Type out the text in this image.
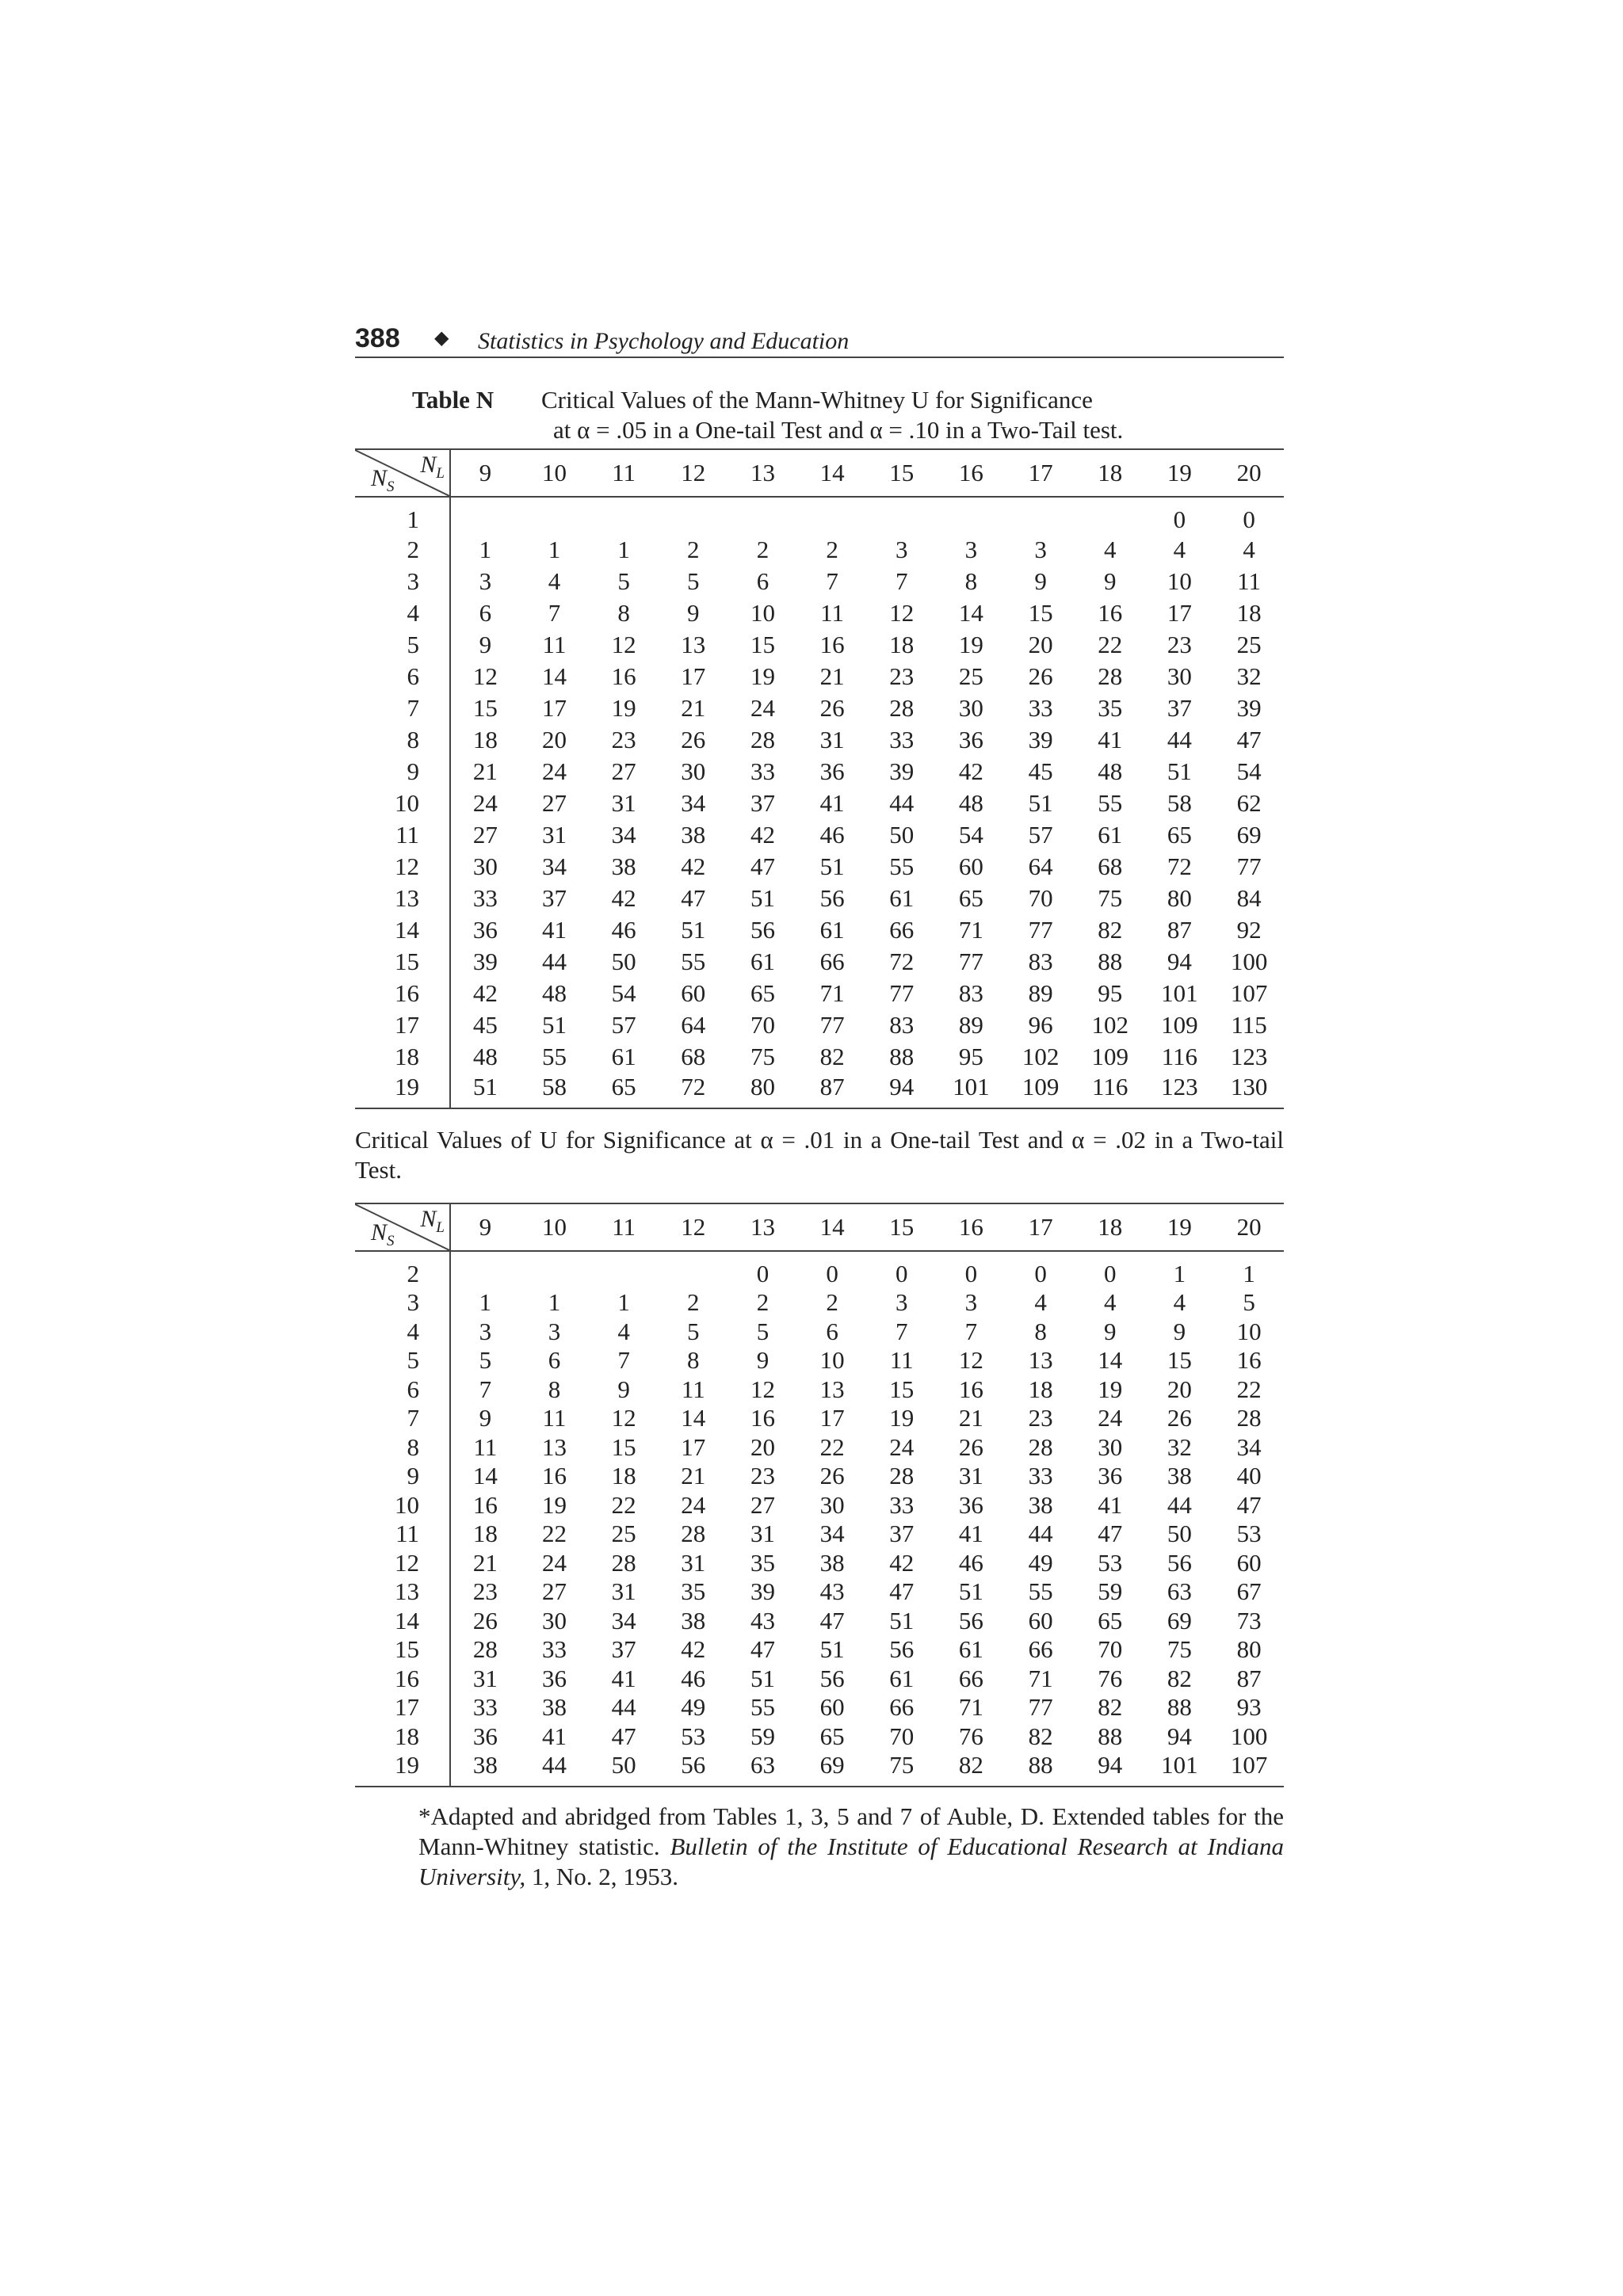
388 ◆ Statistics in Psychology and Education
Table N Critical Values of the Mann-Whitney U for Significance
at α = .05 in a One-tail Test and α = .10 in a Two-Tail test.
$N_L$
$N_S$	9	10	11	12	13	14	15	16	17	18	19	20
1											0	0
2	1	1	1	2	2	2	3	3	3	4	4	4
3	3	4	5	5	6	7	7	8	9	9	10	11
4	6	7	8	9	10	11	12	14	15	16	17	18
5	9	11	12	13	15	16	18	19	20	22	23	25
6	12	14	16	17	19	21	23	25	26	28	30	32
7	15	17	19	21	24	26	28	30	33	35	37	39
8	18	20	23	26	28	31	33	36	39	41	44	47
9	21	24	27	30	33	36	39	42	45	48	51	54
10	24	27	31	34	37	41	44	48	51	55	58	62
11	27	31	34	38	42	46	50	54	57	61	65	69
12	30	34	38	42	47	51	55	60	64	68	72	77
13	33	37	42	47	51	56	61	65	70	75	80	84
14	36	41	46	51	56	61	66	71	77	82	87	92
15	39	44	50	55	61	66	72	77	83	88	94	100
16	42	48	54	60	65	71	77	83	89	95	101	107
17	45	51	57	64	70	77	83	89	96	102	109	115
18	48	55	61	68	75	82	88	95	102	109	116	123
19	51	58	65	72	80	87	94	101	109	116	123	130
Critical Values of U for Significance at α = .01 in a One-tail Test and α = .02 in a Two-tail Test.
$N_L$
$N_S$	9	10	11	12	13	14	15	16	17	18	19	20
2					0	0	0	0	0	0	1	1
3	1	1	1	2	2	2	3	3	4	4	4	5
4	3	3	4	5	5	6	7	7	8	9	9	10
5	5	6	7	8	9	10	11	12	13	14	15	16
6	7	8	9	11	12	13	15	16	18	19	20	22
7	9	11	12	14	16	17	19	21	23	24	26	28
8	11	13	15	17	20	22	24	26	28	30	32	34
9	14	16	18	21	23	26	28	31	33	36	38	40
10	16	19	22	24	27	30	33	36	38	41	44	47
11	18	22	25	28	31	34	37	41	44	47	50	53
12	21	24	28	31	35	38	42	46	49	53	56	60
13	23	27	31	35	39	43	47	51	55	59	63	67
14	26	30	34	38	43	47	51	56	60	65	69	73
15	28	33	37	42	47	51	56	61	66	70	75	80
16	31	36	41	46	51	56	61	66	71	76	82	87
17	33	38	44	49	55	60	66	71	77	82	88	93
18	36	41	47	53	59	65	70	76	82	88	94	100
19	38	44	50	56	63	69	75	82	88	94	101	107
*Adapted and abridged from Tables 1, 3, 5 and 7 of Auble, D. Extended tables for the Mann-Whitney statistic. Bulletin of the Institute of Educational Research at Indiana University, 1, No. 2, 1953.
